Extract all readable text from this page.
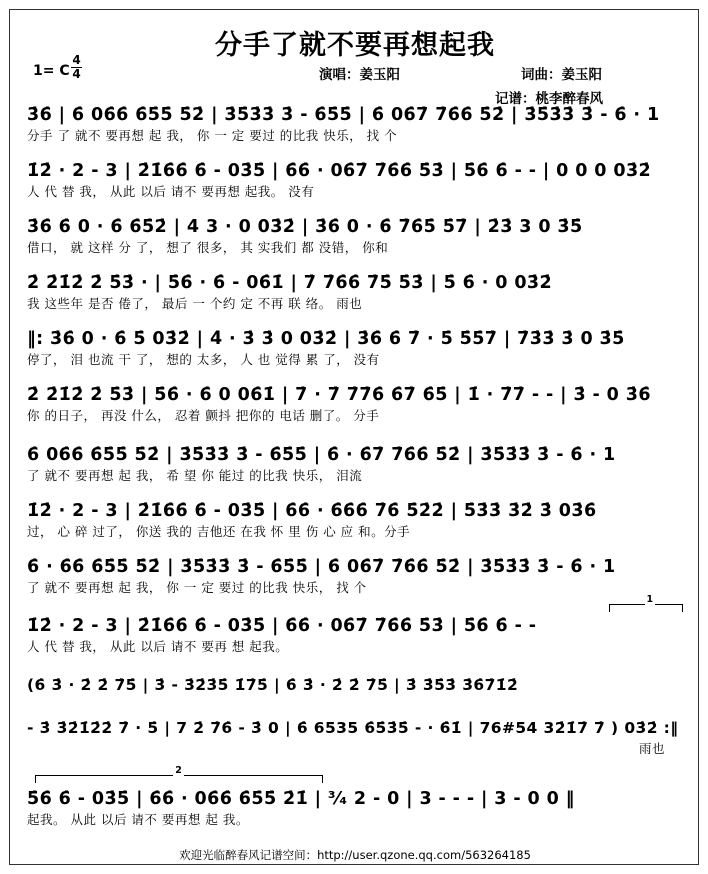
分手了就不要再想起我
1= C
4
4	演唱：姜玉阳	词曲：姜玉阳
记谱：桃李醉春风
3̇6̇ | 6̇ 06̇6̇ 6̇5̇5̇ 5̇2̇ | 3̇5̇3̇3̇ 3̇ - 6̇5̇5̇ | 6̇ 06̇7̇ 7̇6̇6̇ 5̇2̇ | 3̇5̇3̇3̇ 3̇ - 6̇ · 1
分手 了 就不 要再想 起 我， 你 一 定 要过 的比我 快乐， 找 个
1̇2̇ · 2 - 3 | 2̇1̇6̇6̇ 6̇ - 03̇5̇ | 6̇6̇ · 06̇7̇ 7̇6̇6̇ 5̇3̇ | 5̇6̇ 6̇ - - | 0 0 0 03̇2̇
人 代 替 我， 从此 以后 请不 要再想 起我。 没有
3̇6̇ 6̇ 0 · 6̇ 6̇5̇2̇ | 4 3 · 0 03̇2̇ | 3̇6̇ 0 · 6̇ 7̇6̇5̇ 5̇7̇ | 2̇3̇ 3 0 3̇5̇
借口， 就 这样 分 了， 想了 很多， 其 实我们 都 没错， 你和
2̇ 2̇1̇2̇ 2̇ 5̇3̇ · | 5̇6̇ · 6̇ - 06̇1̇ | 7̇ 7̇6̇6̇ 7̇5̇ 5̇3̇ | 5̇ 6̇ · 0 03̇2̇
我 这些年 是否 倦了， 最后 一 个约 定 不再 联 络。 雨也
‖: 3̇6̇ 0 · 6̇ 5̇ 03̇2̇ | 4̇ · 3̇ 3̇ 0 03̇2̇ | 3̇6̇ 6̇ 7̇ · 5̇ 5̇5̇7̇ | 7̇3̇3̇ 3̇ 0 3̇5̇
停了， 泪 也流 干 了， 想的 太多， 人 也 觉得 累 了， 没有
2̇ 2̇1̇2̇ 2̇ 5̇3̇ | 5̇6̇ · 6̇ 0 06̇1̇ | 7̇ · 7̇ 7̇7̇6̇ 6̇7̇ 6̇5̇ | 1̇ · 7̇7̇ - - | 3̇ - 0 3̇6̇
你 的日子， 再没 什么， 忍着 颤抖 把你的 电话 删了。 分手
6̇ 06̇6̇ 6̇5̇5̇ 5̇2̇ | 3̇5̇3̇3̇ 3̇ - 6̇5̇5̇ | 6̇ · 6̇7̇ 7̇6̇6̇ 5̇2̇ | 3̇5̇3̇3̇ 3̇ - 6̇ · 1
了 就不 要再想 起 我， 希 望 你 能过 的比我 快乐， 泪流
1̇2̇ · 2 - 3 | 2̇1̇6̇6̇ 6̇ - 03̇5̇ | 6̇6̇ · 6̇6̇6̇ 7̇6̇ 5̇2̇2̇ | 5̇3̇3̇ 3̇2̇ 3̇ 03̇6̇
过， 心 碎 过了， 你送 我的 吉他还 在我 怀 里 伤 心 应 和。分手
6̇ · 6̇6̇ 6̇5̇5̇ 5̇2̇ | 3̇5̇3̇3̇ 3̇ - 6̇5̇5̇ | 6̇ 06̇7̇ 7̇6̇6̇ 5̇2̇ | 3̇5̇3̇3̇ 3̇ - 6̇ · 1
了 就不 要再想 起 我， 你 一 定 要过 的比我 快乐， 找 个
1̇2̇ · 2 - 3 | 2̇1̇6̇6̇ 6̇ - 03̇5̇ | 6̇6̇ · 06̇7̇ 7̇6̇6̇ 5̇3̇ | 5̇6̇ 6̇ - -
人 代 替 我， 从此 以后 请不 要再 想 起我。
1
(6̇ 3̇ · 2̇ 2̇ 7̇5̇ | 3̇ - 3̇2̇3̇5̇ 1̇7̇5̇ | 6̇ 3̇ · 2̇ 2̇ 7̇5̇ | 3̇ 3̇5̇3̇ 3̇6̇7̇1̇2̇
- 3̇ 3̇2̇1̇2̇2̇ 7̇ · 5̇ | 7 2̇ 7̇6̇ - 3̇ 0 | 6̇ 6535 6̇5̇3̇5̇ - · 6̇1̇ | 76#54 32̇1̇7̇ 7̇ ) 03̇2̇ :‖
雨也
2
5̇6̇ 6̇ - 03̇5̇ | 6̇6̇ · 06̇6̇ 6̇5̇5̇ 2̇1̇ | ³⁄₄ 2 - 0 | 3 - - - | 3 - 0 0 ‖
起我。 从此 以后 请不 要再想 起 我。
欢迎光临醉春风记谱空间：http://user.qzone.qq.com/563264185
